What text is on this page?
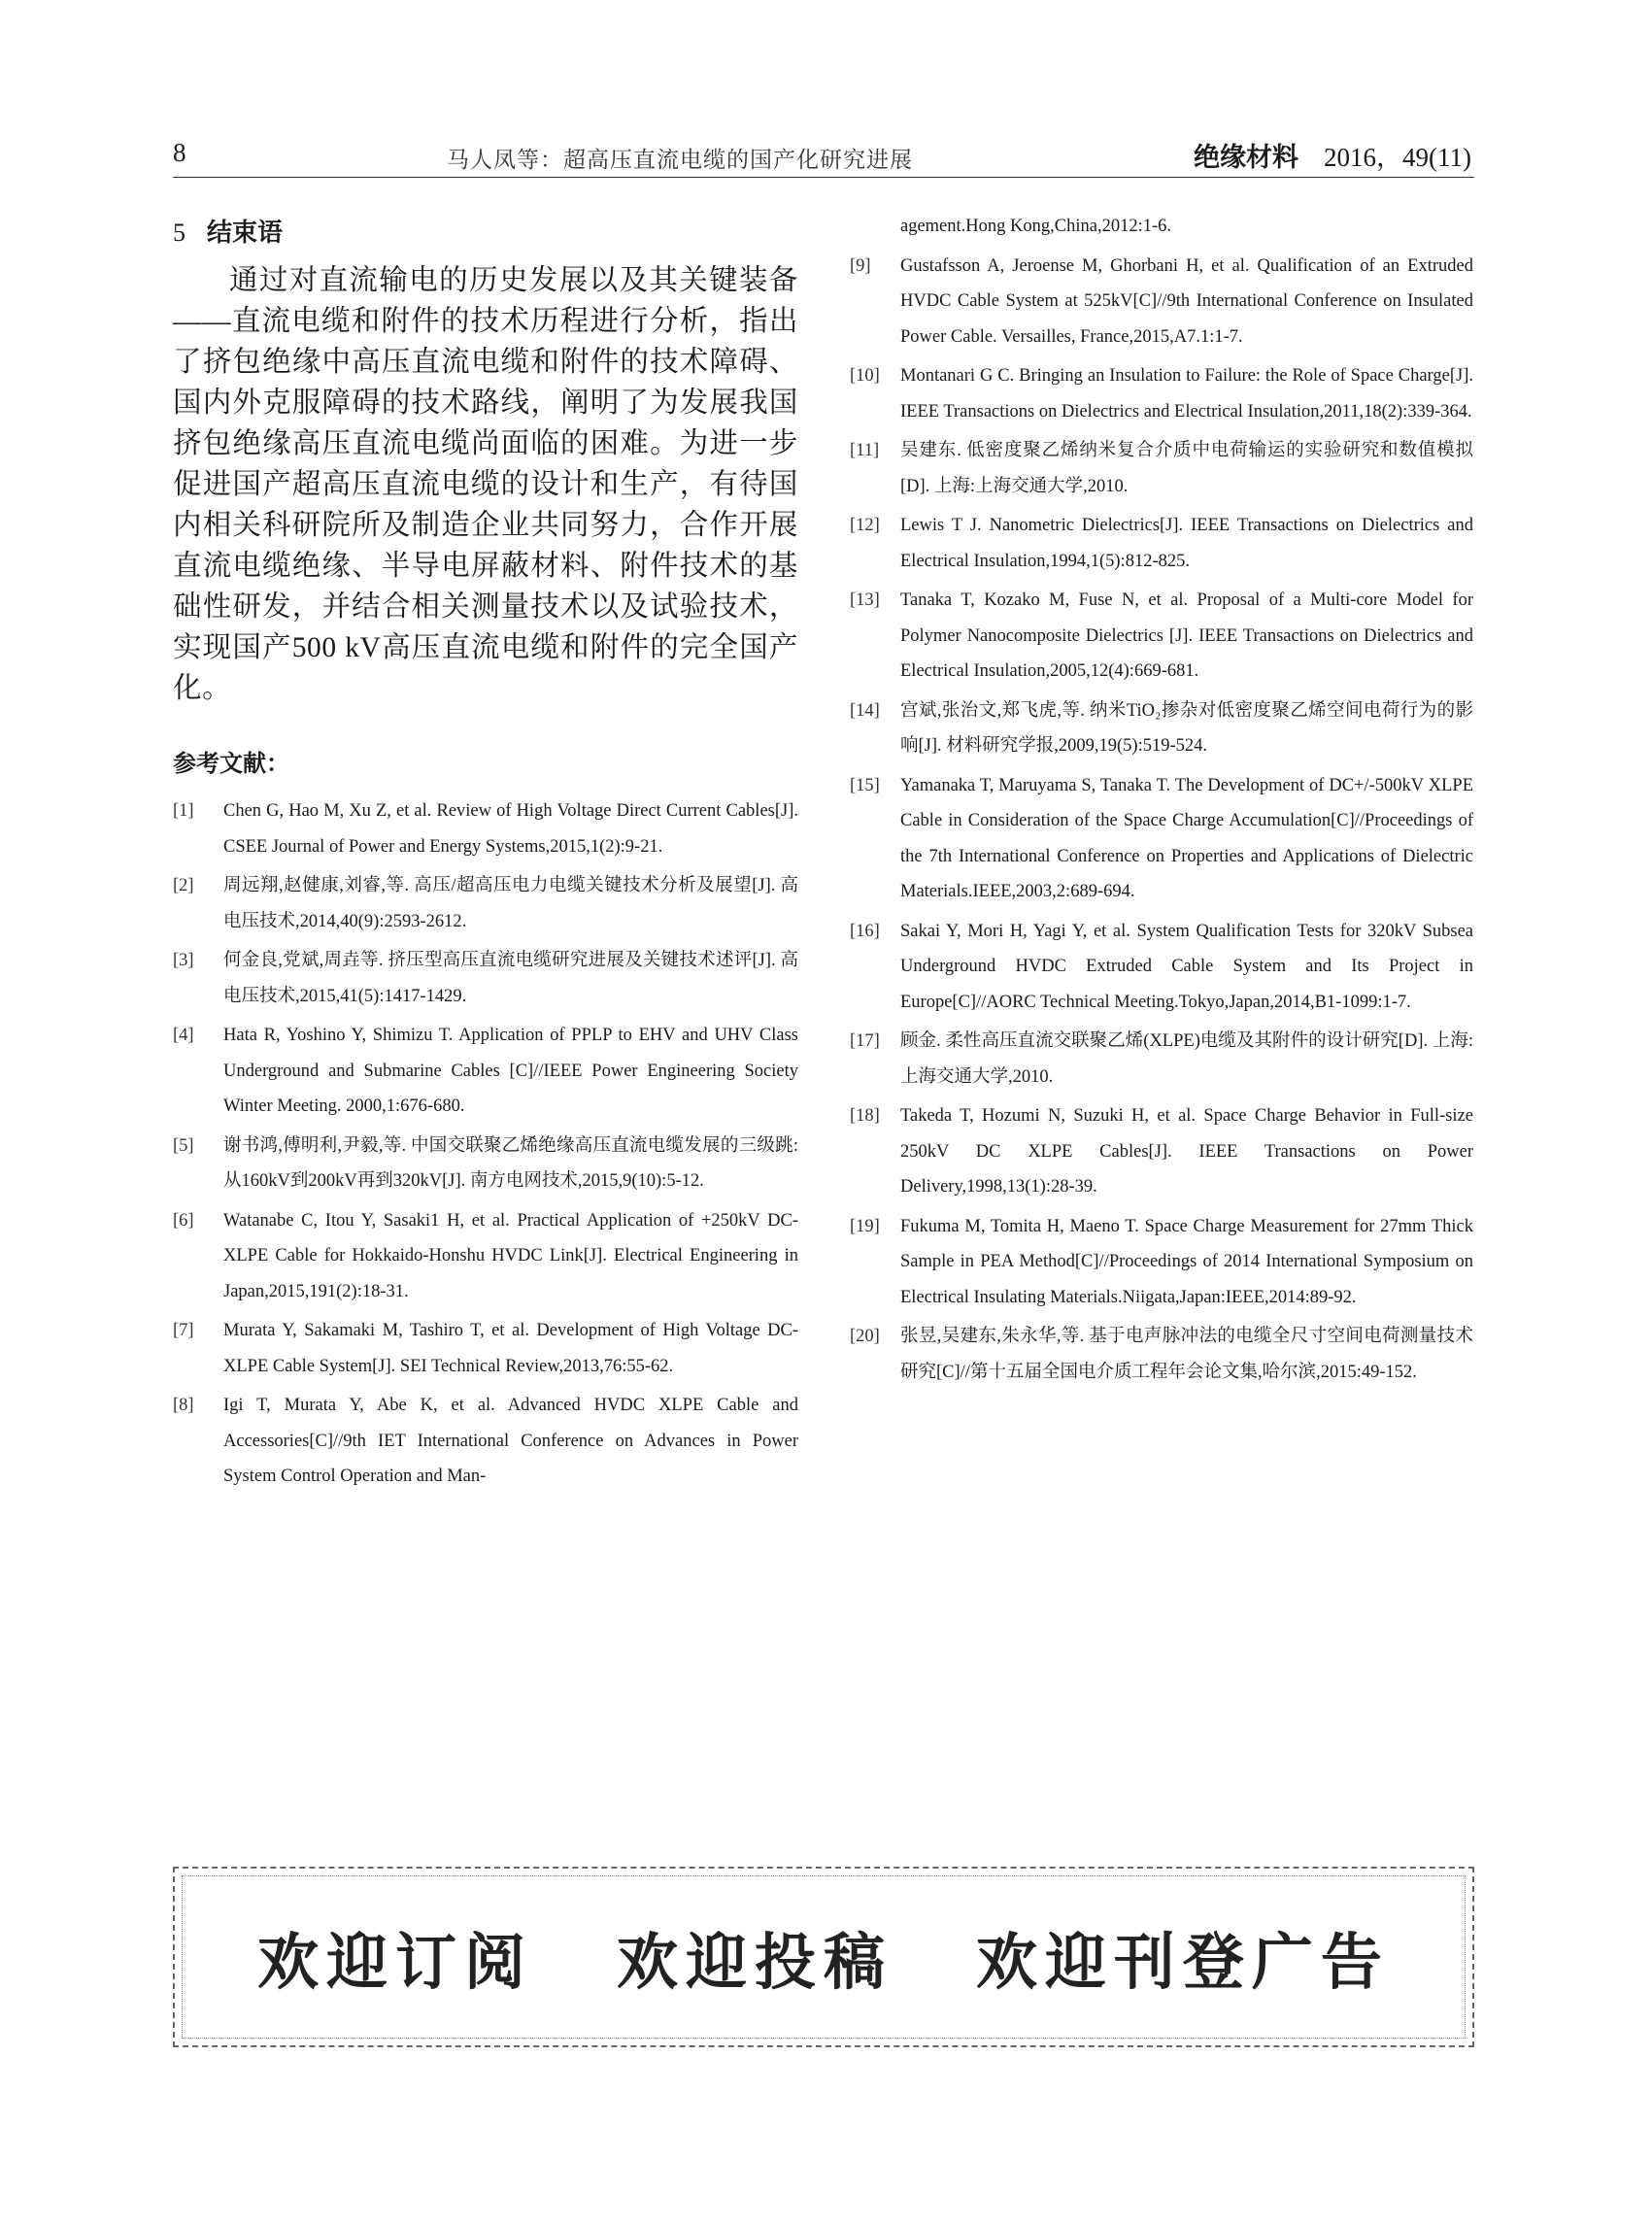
8	马人凤等：超高压直流电缆的国产化研究进展	绝缘材料 2016，49(11)
5 结束语

通过对直流输电的历史发展以及其关键装备——直流电缆和附件的技术历程进行分析，指出了挤包绝缘中高压直流电缆和附件的技术障碍、国内外克服障碍的技术路线，阐明了为发展我国挤包绝缘高压直流电缆尚面临的困难。为进一步促进国产超高压直流电缆的设计和生产，有待国内相关科研院所及制造企业共同努力，合作开展直流电缆绝缘、半导电屏蔽材料、附件技术的基础性研发，并结合相关测量技术以及试验技术，实现国产500 kV高压直流电缆和附件的完全国产化。

参考文献：
[1]	Chen G, Hao M, Xu Z, et al. Review of High Voltage Direct Current Cables[J]. CSEE Journal of Power and Energy Systems,2015,1(2):9-21.
[2]	周远翔,赵健康,刘睿,等. 高压/超高压电力电缆关键技术分析及展望[J]. 高电压技术,2014,40(9):2593-2612.
[3]	何金良,党斌,周垚等. 挤压型高压直流电缆研究进展及关键技术述评[J]. 高电压技术,2015,41(5):1417-1429.
[4]	Hata R, Yoshino Y, Shimizu T. Application of PPLP to EHV and UHV Class Underground and Submarine Cables [C]//IEEE Power Engineering Society Winter Meeting. 2000,1:676-680.
[5]	谢书鸿,傅明利,尹毅,等. 中国交联聚乙烯绝缘高压直流电缆发展的三级跳:从160kV到200kV再到320kV[J]. 南方电网技术,2015,9(10):5-12.
[6]	Watanabe C, Itou Y, Sasaki1 H, et al. Practical Application of +250kV DC-XLPE Cable for Hokkaido-Honshu HVDC Link[J]. Electrical Engineering in Japan,2015,191(2):18-31.
[7]	Murata Y, Sakamaki M, Tashiro T, et al. Development of High Voltage DC-XLPE Cable System[J]. SEI Technical Review,2013,76:55-62.
[8]	Igi T, Murata Y, Abe K, et al. Advanced HVDC XLPE Cable and Accessories[C]//9th IET International Conference on Advances in Power System Control Operation and Man-
agement.Hong Kong,China,2012:1-6.
[9]	Gustafsson A, Jeroense M, Ghorbani H, et al. Qualification of an Extruded HVDC Cable System at 525kV[C]//9th International Conference on Insulated Power Cable. Versailles, France,2015,A7.1:1-7.
[10]	Montanari G C. Bringing an Insulation to Failure: the Role of Space Charge[J]. IEEE Transactions on Dielectrics and Electrical Insulation,2011,18(2):339-364.
[11]	吴建东. 低密度聚乙烯纳米复合介质中电荷输运的实验研究和数值模拟[D]. 上海:上海交通大学,2010.
[12]	Lewis T J. Nanometric Dielectrics[J]. IEEE Transactions on Dielectrics and Electrical Insulation,1994,1(5):812-825.
[13]	Tanaka T, Kozako M, Fuse N, et al. Proposal of a Multi-core Model for Polymer Nanocomposite Dielectrics [J]. IEEE Transactions on Dielectrics and Electrical Insulation,2005,12(4):669-681.
[14]	宫斌,张治文,郑飞虎,等. 纳米TiO₂掺杂对低密度聚乙烯空间电荷行为的影响[J]. 材料研究学报,2009,19(5):519-524.
[15]	Yamanaka T, Maruyama S, Tanaka T. The Development of DC+/-500kV XLPE Cable in Consideration of the Space Charge Accumulation[C]//Proceedings of the 7th International Conference on Properties and Applications of Dielectric Materials.IEEE,2003,2:689-694.
[16]	Sakai Y, Mori H, Yagi Y, et al. System Qualification Tests for 320kV Subsea Underground HVDC Extruded Cable System and Its Project in Europe[C]//AORC Technical Meeting.Tokyo,Japan,2014,B1-1099:1-7.
[17]	顾金. 柔性高压直流交联聚乙烯(XLPE)电缆及其附件的设计研究[D]. 上海:上海交通大学,2010.
[18]	Takeda T, Hozumi N, Suzuki H, et al. Space Charge Behavior in Full-size 250kV DC XLPE Cables[J]. IEEE Transactions on Power Delivery,1998,13(1):28-39.
[19]	Fukuma M, Tomita H, Maeno T. Space Charge Measurement for 27mm Thick Sample in PEA Method[C]//Proceedings of 2014 International Symposium on Electrical Insulating Materials.Niigata,Japan:IEEE,2014:89-92.
[20]	张昱,吴建东,朱永华,等. 基于电声脉冲法的电缆全尺寸空间电荷测量技术研究[C]//第十五届全国电介质工程年会论文集,哈尔滨,2015:49-152.
欢迎订阅 欢迎投稿 欢迎刊登广告
